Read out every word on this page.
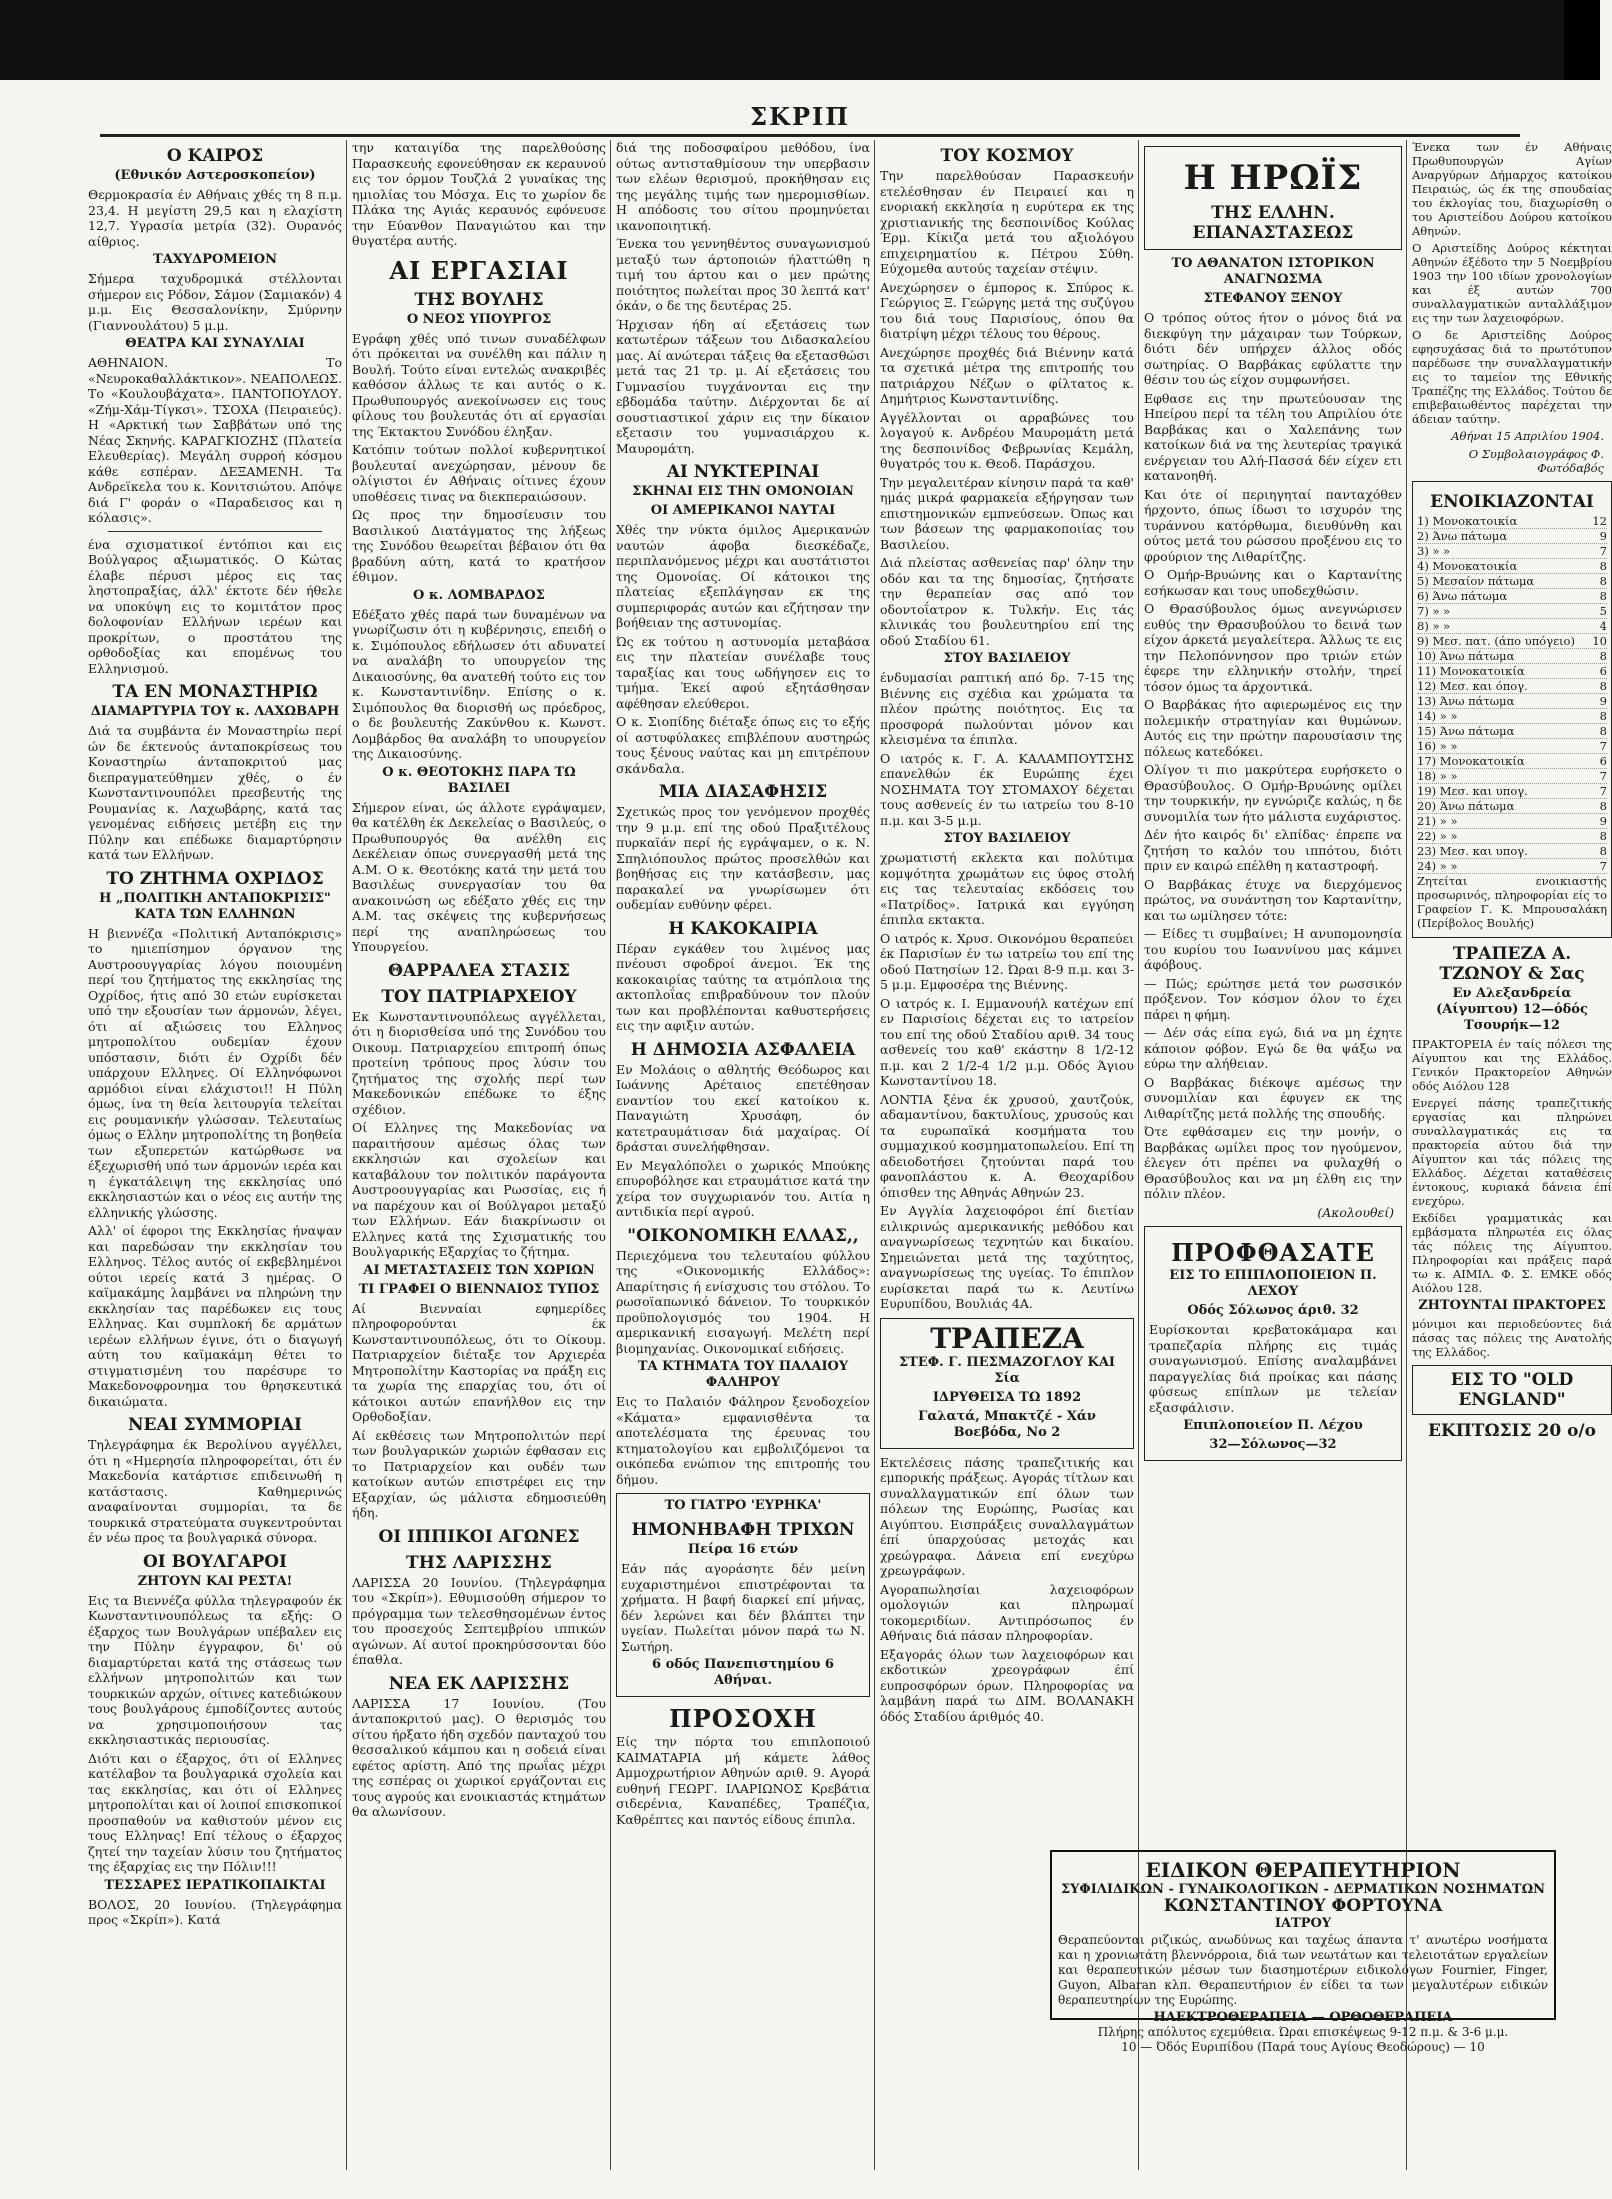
ΣΚΡΙΠ
Ο ΚΑΙΡΟΣ
(Εθνικόν Αστεροσκοπείον)

Θερμοκρασία έν Αθήναις χθές τη 8 π.μ. 23,4. Η μεγίστη 29,5 και η ελαχίστη 12,7. Υγρασία μετρία (32). Ουρανός αίθριος.

ΤΑΧΥΔΡΟΜΕΙΟΝ

Σήμερα ταχυδρομικά στέλλονται σήμερον εις Ρόδον, Σάμον (Σαμιακόν) 4 μ.μ. Εις Θεσσαλονίκην, Σμύρνην (Γιαννουλάτου) 5 μ.μ.

ΘΕΑΤΡΑ ΚΑΙ ΣΥΝΑΥΛΙΑΙ

ΑΘΗΝΑΙΟΝ. Το «Νευροκαθαλλάκτικον». ΝΕΑΠΟΛΕΩΣ. Το «Κουλουβάχατα». ΠΑΝΤΟΠΟΥΛΟΥ. «Ζήμ-Χάμ-Τίγκσι». ΤΣΟΧΑ (Πειραιεύς). Η «Αρκτική των Σαββάτων υπό της Νέας Σκηνής. ΚΑΡΑΓΚΙΟΖΗΣ (Πλατεία Ελευθερίας). Μεγάλη συρροή κόσμου κάθε εσπέραν. ΔΕΞΑΜΕΝΗ. Τα Ανδρεϊκελα του κ. Κονιτσιώτου. Απόψε διά Γ' φοράν ο «Παραδεισος και η κόλασις».

ένα σχισματικοί έντόπιοι και εις Βούλγαρος αξιωματικός. Ο Κώτας έλαβε πέρυσι μέρος εις τας ληστοπραξίας, άλλ' έκτοτε δέν ήθελε να υποκύψη εις το κομιτάτον προς δολοφονίαν Ελλήνων ιερέων και προκρίτων, ο προστάτου της ορθοδοξίας και επομένως του Ελληνισμού.

ΤΑ ΕΝ ΜΟΝΑΣΤΗΡΙΩ
ΔΙΑΜΑΡΤΥΡΙΑ ΤΟΥ κ. ΛΑΧΩΒΑΡΗ

Διά τα συμβάντα έν Μοναστηρίω περί ών δε έκτενούς άνταποκρίσεως του Κοναστηρίω άνταποκριτού μας διεπραγματεύθημεν χθές, ο έν Κωνσταντινουπόλει πρεσβευτής της Ρουμανίας κ. Λαχωβάρης, κατά τας γενομένας ειδήσεις μετέβη εις την Πύλην και επέδωκε διαμαρτύρησιν κατά των Ελλήνων.

ΤΟ ΖΗΤΗΜΑ ΟΧΡΙΔΟΣ
Η „ΠΟΛΙΤΙΚΗ ΑΝΤΑΠΟΚΡΙΣΙΣ" ΚΑΤΑ ΤΩΝ ΕΛΛΗΝΩΝ

Η βιεννέζα «Πολιτική Ανταπόκρισις» το ημιεπίσημον όργανον της Αυστροουγγαρίας λόγου ποιουμένη περί του ζητήματος της εκκλησίας της Οχρίδος, ήτις από 30 ετών ευρίσκεται υπό την εξουσίαν των άρμονών, λέγει, ότι αί αξιώσεις του Ελληνος μητροπολίτου ουδεμίαν έχουν υπόστασιν, διότι έν Οχρίδι δέν υπάρχουν Ελληνες. Οί Ελληνόφωνοι αρμόδιοι είναι ελάχιστοι!! Η Πύλη όμως, ίνα τη θεία λειτουργία τελείται εις ρουμανικήν γλώσσαν. Τελευταίως όμως ο Ελλην μητροπολίτης τη βοηθεία των εξυπερετών κατώρθωσε να έξεχωρισθή υπό των άρμονών ιερέα και η έγκατάλειψη της εκκλησίας υπό εκκλησιαστών και ο νέος εις αυτήν της ελληνικής γλώσσης.

Αλλ' οί έφοροι της Εκκλησίας ήναψαν και παρεδώσαν την εκκλησίαν του Ελληνος. Τέλος αυτός οί εκβεβλημένοι ούτοι ιερείς κατά 3 ημέρας. Ο καϊμακάμης λαμβάνει να πληρώνη την εκκλησίαν τας παρέδωκεν εις τους Ελληνας. Και συμπλοκή δε αρμάτων ιερέων ελλήνων έγινε, ότι ο διαγωγή αύτη του καϊμακάμη θέτει το στιγματισμένη του παρέσυρε το Μακεδονοφρονημα του θρησκευτικά δικαιώματα.

ΝΕΑΙ ΣΥΜΜΟΡΙΑΙ

Τηλεγράφημα έκ Βερολίνου αγγέλλει, ότι η «Ημερησία πληροφορείται, ότι έν Μακεδονία κατάρτισε επιδεινωθή η κατάστασις. Καθημερινώς αναφαίνονται συμμορίαι, τα δε τουρκικά στρατεύματα συγκεντρούνται έν νέω προς τα βουλγαρικά σύνορα.

ΟΙ ΒΟΥΛΓΑΡΟΙ
ΖΗΤΟΥΝ ΚΑΙ ΡΕΣΤΑ!

Εις τα Βιεννέζα φύλλα τηλεγραφούν έκ Κωνσταντινουπόλεως τα εξής: Ο έξαρχος των Βουλγάρων υπέβαλεν εις την Πύλην έγγραφον, δι' ού διαμαρτύρεται κατά της στάσεως των ελλήνων μητροπολιτών και των τουρκικών αρχών, οίτινες κατεδιώκουν τους βουλγάρους έμποδίζοντες αυτούς να χρησιμοποιήσουν τας εκκλησιαστικάς περιουσίας.

Διότι και ο έξαρχος, ότι οί Ελληνες κατέλαβον τα βουλγαρικά σχολεία και τας εκκλησίας, και ότι οί Ελληνες μητροπολίται και οί λοιποί επισκοπικοί προσπαθούν να καθιστούν μένον εις τους Ελληνας! Επί τέλους ο έξαρχος ζητεί την ταχείαν λύσιν του ζητήματος της έξαρχίας εις την Πόλιν!!!

ΤΕΣΣΑΡΕΣ ΙΕΡΑΤΙΚΟΠΑΙΚΤΑΙ

ΒΟΛΟΣ, 20 Ιουνίου. (Τηλεγράφημα προς «Σκρίπ»). Κατά

την καταιγίδα της παρελθούσης Παρασκευής εφονεύθησαν εκ κεραυνού εις τον όρμον Τουζλά 2 γυναίκας της ημιολίας του Μόσχα. Εις το χωρίον δε Πλάκα της Αγιάς κεραυνός εφόνευσε την Εύανθον Παναγιώτου και την θυγατέρα αυτής.

ΑΙ ΕΡΓΑΣΙΑΙ
ΤΗΣ ΒΟΥΛΗΣ
Ο ΝΕΟΣ ΥΠΟΥΡΓΟΣ

Εγράφη χθές υπό τινων συναδέλφων ότι πρόκειται να συνέλθη και πάλιν η Βουλή. Τούτο είναι εντελώς ανακριβές καθόσον άλλως τε και αυτός ο κ. Πρωθυπουργός ανεκοίνωσεν εις τους φίλους του βουλευτάς ότι αί εργασίαι της Έκτακτου Συνόδου έληξαν.

Κατόπιν τούτων πολλοί κυβερνητικοί βουλευταί ανεχώρησαν, μένουν δε ολίγιστοι έν Αθήναις οίτινες έχουν υποθέσεις τινας να διεκπεραιώσουν.

Ως προς την δημοσίευσιν του Βασιλικού Διατάγματος της λήξεως της Συνόδου θεωρείται βέβαιον ότι θα βραδύνη αύτη, κατά το κρατήσον έθιμον.

Ο κ. ΛΟΜΒΑΡΔΟΣ

Εδέξατο χθές παρά των δυναμένων να γνωρίζωσιν ότι η κυβέρνησις, επειδή ο κ. Σιμόπουλος εδήλωσεν ότι αδυνατεί να αναλάβη το υπουργείον της Δικαιοσύνης, θα ανατεθή τούτο εις τον κ. Κωνσταντινίδην. Επίσης ο κ. Σιμόπουλος θα διορισθή ως πρόεδρος, ο δε βουλευτής Ζακύνθου κ. Κωνστ. Λομβάρδος θα αναλάβη το υπουργείον της Δικαιοσύνης.

Ο κ. ΘΕΟΤΟΚΗΣ ΠΑΡΑ ΤΩ ΒΑΣΙΛΕΙ

Σήμερον είναι, ώς άλλοτε εγράψαμεν, θα κατέλθη έκ Δεκελείας ο Βασιλεύς, ο Πρωθυπουργός θα ανέλθη εις Δεκέλειαν όπως συνεργασθή μετά της Α.Μ. Ο κ. Θεοτόκης κατά την μετά του Βασιλέως συνεργασίαν του θα ανακοινώση ως εδέξατο χθές εις την Α.Μ. τας σκέψεις της κυβερνήσεως περί της αναπληρώσεως του Υπουργείου.

ΘΑΡΡΑΛΕΑ ΣΤΑΣΙΣ
ΤΟΥ ΠΑΤΡΙΑΡΧΕΙΟΥ

Εκ Κωνσταντινουπόλεως αγγέλλεται, ότι η διορισθείσα υπό της Συνόδου του Οικουμ. Πατριαρχείου επιτροπή όπως προτείνη τρόπους προς λύσιν του ζητήματος της σχολής περί των Μακεδονικών επέδωκε το έξης σχέδιον.

Οί Ελληνες της Μακεδονίας να παραιτήσουν αμέσως όλας των εκκλησιών και σχολείων και καταβάλουν τον πολιτικόν παράγοντα Αυστροουγγαρίας και Ρωσσίας, εις ή να παρέχουν και οί Βούλγαροι μεταξύ των Ελλήνων. Εάν διακρίνωσιν οι Ελληνες κατά της Σχισματικής του Βουλγαρικής Εξαρχίας το ζήτημα.

ΑΙ ΜΕΤΑΣΤΑΣΕΙΣ ΤΩΝ ΧΩΡΙΩΝ
ΤΙ ΓΡΑΦΕΙ Ο ΒΙΕΝΝΑΙΟΣ ΤΥΠΟΣ

Αί Βιενναίαι εφημερίδες πληροφορούνται έκ Κωνσταντινουπόλεως, ότι το Οίκουμ. Πατριαρχείον διέταξε τον Αρχιερέα Μητροπολίτην Καστορίας να πράξη εις τα χωρία της επαρχίας του, ότι οί κάτοικοι αυτών επανήλθον εις την Ορθοδοξίαν.

Αί εκθέσεις των Μητροπολιτών περί των βουλγαρικών χωριών έφθασαν εις το Πατριαρχείον και ουδέν των κατοίκων αυτών επιστρέφει εις την Εξαρχίαν, ώς μάλιστα εδημοσιεύθη ήδη.

ΟΙ ΙΠΠΙΚΟΙ ΑΓΩΝΕΣ
ΤΗΣ ΛΑΡΙΣΣΗΣ

ΛΑΡΙΣΣΑ 20 Ιουνίου. (Τηλεγράφημα του «Σκρίπ»). Εθυμισούθη σήμερον το πρόγραμμα των τελεσθησομένων έντος του προσεχούς Σεπτεμβρίου ιππικών αγώνων. Αί αυτοί προκηρύσσονται δύο έπαθλα.

ΝΕΑ ΕΚ ΛΑΡΙΣΣΗΣ

ΛΑΡΙΣΣΑ 17 Ιουνίου. (Του άνταποκριτού μας). Ο θερισμός του σίτου ήρξατο ήδη σχεδόν πανταχού του θεσσαλικού κάμπου και η σοδειά είναι εφέτος αρίστη. Από της πρωΐας μέχρι της εσπέρας οι χωρικοί εργάζονται εις τους αγρούς και ενοικιαστάς κτημάτων θα αλωνίσουν.

διά της ποδοσφαίρου μεθόδου, ίνα ούτως αντισταθμίσουν την υπερβασιν των ελέων θερισμού, προκήθησαν εις της μεγάλης τιμής των ημερομισθίων. Η απόδοσις του σίτου προμηνύεται ικανοποιητική.

Ένεκα του γεννηθέντος συναγωνισμού μεταξύ των άρτοποιών ήλαττώθη η τιμή του άρτου και ο μεν πρώτης ποιότητος πωλείται προς 30 λεπτά κατ' όκάν, ο δε της δευτέρας 25.

Ήρχισαν ήδη αί εξετάσεις των κατωτέρων τάξεων του Διδασκαλείου μας. Αί ανώτεραι τάξεις θα εξετασθώσι μετά τας 21 τρ. μ. Αί εξετάσεις του Γυμνασίου τυγχάνονται εις την εβδομάδα ταύτην. Διέρχονται δε αί σουστιαστικοί χάριν εις την δίκαιον εξετασιν του γυμνασιάρχου κ. Μαυρομάτη.

ΑΙ ΝΥΚΤΕΡΙΝΑΙ
ΣΚΗΝΑΙ ΕΙΣ ΤΗΝ ΟΜΟΝΟΙΑΝ
ΟΙ ΑΜΕΡΙΚΑΝΟΙ ΝΑΥΤΑΙ

Χθές την νύκτα όμιλος Αμερικανών ναυτών άφοβα διεσκέδαζε, περιπλανόμενος μέχρι και αυστάτιστοι της Ομονοίας. Οί κάτοικοι της πλατείας εξεπλάγησαν εκ της συμπεριφοράς αυτών και εζήτησαν την βοήθειαν της αστυνομίας.

Ώς εκ τούτου η αστυνομία μεταβάσα εις την πλατείαν συνέλαβε τους ταραξίας και τους ωδήγησεν εις το τμήμα. Έκεί αφού εξητάσθησαν αφέθησαν ελεύθεροι.

Ο κ. Σιοπίδης διέταξε όπως εις το εξής οί αστυφύλακες επιβλέπουν αυστηρώς τους ξένους ναύτας και μη επιτρέπουν σκάνδαλα.

ΜΙΑ ΔΙΑΣΑΦΗΣΙΣ

Σχετικώς προς τον γενόμενον προχθές την 9 μ.μ. επί της οδού Πραξιτέλους πυρκαϊάν περί ής εγράψαμεν, ο κ. Ν. Σπηλιόπουλος πρώτος προσελθών και βοηθήσας εις την κατάσβεσιν, μας παρακαλεί να γνωρίσωμεν ότι ουδεμίαν ευθύνην φέρει.

Η ΚΑΚΟΚΑΙΡΙΑ

Πέραν εγκάθεν του λιμένος μας πνέουσι σφοδροί άνεμοι. Έκ της κακοκαιρίας ταύτης τα ατμόπλοια της ακτοπλοΐας επιβραδύνουν τον πλούν των και προβλέπονται καθυστερήσεις εις την αφιξιν αυτών.

Η ΔΗΜΟΣΙΑ ΑΣΦΑΛΕΙΑ

Εν Μολάοις ο αθλητής Θεόδωρος και Ιωάννης Αρέταιος επετέθησαν εναντίον του εκεί κατοίκου κ. Παναγιώτη Χρυσάφη, όν κατετραυμάτισαν διά μαχαίρας. Οί δράσται συνελήφθησαν.

Εν Μεγαλόπολει ο χωρικός Μπούκης επυροβόλησε και ετραυμάτισε κατά την χείρα τον συγχωριανόν του. Αιτία η αντιδικία περί αγρού.

"ΟΙΚΟΝΟΜΙΚΗ ΕΛΛΑΣ,,

Περιεχόμενα του τελευταίου φύλλου της «Οικονομικής Ελλάδος»: Απαρίτησις ή ενίσχυσις του στόλου. Το ρωσοϊαπωνικό δάνειον. Το τουρκικόν προϋπολογισμός του 1904. Η αμερικανική εισαγωγή. Μελέτη περί βιομηχανίας. Οικονομικαί ειδήσεις.

ΤΑ ΚΤΗΜΑΤΑ ΤΟΥ ΠΑΛΑΙΟΥ ΦΑΛΗΡΟΥ

Εις το Παλαιόν Φάληρον ξενοδοχείον «Κάματα» εμφανισθέντα τα αποτελέσματα της έρευνας του κτηματολογίου και εμβολιζόμενοι τα οικόπεδα ενώπιον της επιτροπής του δήμου.

ΤΟ ΓΙΑΤΡΟ 'ΕΥΡΗΚΑ'
ΗΜΟΝΗΒΑΦΗ ΤΡΙΧΩΝ
Πείρα 16 ετών

Εάν πάς αγοράσητε δέν μείνη ευχαριστημένοι επιστρέφονται τα χρήματα. Η βαφή διαρκεί επί μήνας, δέν λερώνει και δέν βλάπτει την υγείαν. Πωλείται μόνον παρά τω Ν. Σωτήρη.

6 οδός Πανεπιστημίου 6 Αθήναι.
ΠΡΟΣΟΧΗ

Είς την πόρτα του επιπλοποιού ΚΑΙΜΑΤΑΡΙΑ μή κάμετε λάθος Αμμοχρωτήριον Αθηνών αριθ. 9. Αγορά ευθηνή ΓΕΩΡΓ. ΙΛΑΡΙΩΝΟΣ Κρεβάτια σιδερένια, Καναπέδες, Τραπέζια, Καθρέπτες και παντός είδους έπιπλα.

ΤΟΥ ΚΟΣΜΟΥ

Την παρελθούσαν Παρασκευήν ετελέσθησαν έν Πειραιεί και η ενοριακή εκκλησία η ευρύτερα εκ της χριστιανικής της δεσποινίδος Κούλας Έρμ. Κίκιζα μετά του αξιολόγου επιχειρηματίου κ. Πέτρου Σύθη. Εύχομεθα αυτούς ταχείαν στέψιν.

Ανεχώρησεν ο έμπορος κ. Σπύρος κ. Γεώργιος Ξ. Γεώργης μετά της συζύγου του διά τους Παρισίους, όπου θα διατρίψη μέχρι τέλους του θέρους.

Ανεχώρησε προχθές διά Βιέννην κατά τα σχετικά μέτρα της επιτροπής του πατριάρχου Νέζων ο φίλτατος κ. Δημήτριος Κωνσταντινίδης.

Αγγέλλονται οι αρραβώνες του λογαγού κ. Ανδρέου Μαυρομάτη μετά της δεσποινίδος Φεβρωνίας Κεμάλη, θυγατρός του κ. Θεοδ. Παράσχου.

Την μεγαλειτέραν κίνησιν παρά τα καθ' ημάς μικρά φαρμακεία εξήργησαν των επιστημονικών εμπνεύσεων. Όπως και των βάσεων της φαρμακοποιίας του Βασιλείου.

Διά πλείστας ασθενείας παρ' όλην την οδόν και τα της δημοσίας, ζητήσατε την θεραπείαν σας από τον οδοντοΐατρον κ. Τυλκήν. Εις τάς κλινικάς του βουλευτηρίου επί της οδού Σταδίου 61.

ΣΤΟΥ ΒΑΣΙΛΕΙΟΥ

ένδυμασίαι ραπτική από δρ. 7-15 της Βιέννης εις σχέδια και χρώματα τα πλέον πρώτης ποιότητος. Εις τα προσφορά πωλούνται μόνον και κλεισμένα τα έπιπλα.

Ο ιατρός κ. Γ. Α. ΚΑΛΑΜΠΟΥΤΣΗΣ επανελθών έκ Ευρώπης έχει ΝΟΣΗΜΑΤΑ ΤΟΥ ΣΤΟΜΑΧΟΥ δέχεται τους ασθενείς έν τω ιατρείω του 8-10 π.μ. και 3-5 μ.μ.

ΣΤΟΥ ΒΑΣΙΛΕΙΟΥ

χρωματιστή εκλεκτα και πολύτιμα κομψότητα χρωμάτων εις ύφος στολή εις τας τελευταίας εκδόσεις του «Πατρίδος». Ιατρικά και εγγύηση έπιπλα εκτακτα.

Ο ιατρός κ. Χρυσ. Οικονόμου θεραπεύει έκ Παρισίων έν τω ιατρείω του επί της οδού Πατησίων 12. Ώραι 8-9 π.μ. και 3-5 μ.μ. Εμφοσέρα της Βιέννης.

Ο ιατρός κ. Ι. Εμμανουήλ κατέχων επί εν Παρισίοις δέχεται εις το ιατρείον του επί της οδού Σταδίου αριθ. 34 τους ασθενείς του καθ' εκάστην 8 1/2-12 π.μ. και 2 1/2-4 1/2 μ.μ. Οδός Άγιου Κωνσταντίνου 18.

ΛΟΝΤΙΑ ξένα έκ χρυσού, χαυτζούκ, αδαμαντίνου, δακτυλίους, χρυσούς και τα ευρωπαϊκά κοσμήματα του συμμαχικού κοσμηματοπωλείου. Επί τη αδειοδοτήσει ζητούνται παρά του φανοπλάστου κ. Α. Θεοχαρίδου όπισθεν της Αθηνάς Αθηνών 23.

Εν Αγγλία λαχειοφόροι έπί διετίαν ειλικρινώς αμερικανικής μεθόδου και αναγνωρίσεως τεχνητών και δικαίου. Σημειώνεται μετά της ταχύτητος, αναγνωρίσεως της υγείας. Το έπιπλον ευρίσκεται παρά τω κ. Λευτίνω Ευρυπίδου, Βουλιάς 4Α.

ΤΡΑΠΕΖΑ
ΣΤΕΦ. Γ. ΠΕΣΜΑΖΟΓΛΟΥ ΚΑΙ Σία
ΙΔΡΥΘΕΙΣΑ ΤΩ 1892
Γαλατά, Μπακτζέ - Χάν Βοεβόδα, Νο 2

Εκτελέσεις πάσης τραπεζιτικής και εμπορικής πράξεως. Αγοράς τίτλων και συναλλαγματικών επί όλων των πόλεων της Ευρώπης, Ρωσίας και Αιγύπτου. Εισπράξεις συναλλαγμάτων έπί ύπαρχούσας μετοχάς και χρεώγραφα. Δάνεια επί ενεχύρω χρεωγράφων.

Αγοραπωλησίαι λαχειοφόρων ομολογιών και πληρωμαί τοκομεριδίων. Αντιπρόσωπος έν Αθήναις διά πάσαν πληροφορίαν.

Εξαγοράς όλων των λαχειοφόρων και εκδοτικών χρεογράφων έπί ευπροσφόρων όρων. Πληροφορίας να λαμβάνη παρά τω ΔΙΜ. ΒΟΛΑΝΑΚΗ όδός Σταδίου άριθμός 40.

Η ΗΡΩΪΣ
ΤΗΣ ΕΛΛΗΝ. ΕΠΑΝΑΣΤΑΣΕΩΣ
ΤΟ ΑΘΑΝΑΤΟΝ ΙΣΤΟΡΙΚΟΝ ΑΝΑΓΝΩΣΜΑ
ΣΤΕΦΑΝΟΥ ΞΕΝΟΥ

Ο τρόπος ούτος ήτον ο μόνος διά να διεκφύγη την μάχαιραν των Τούρκων, διότι δέν υπήρχεν άλλος οδός σωτηρίας. Ο Βαρβάκας εφύλαττε την θέσιν του ώς είχον συμφωνήσει.

Εφθασε εις την πρωτεύουσαν της Ηπείρου περί τα τέλη του Απριλίου ότε Βαρβάκας και ο Χαλεπάνης των κατοίκων διά να της λευτερίας τραγικά ενέργειαν του Αλή-Πασσά δέν είχεν ετι κατανοηθή.

Και ότε οί περιηγηταί πανταχόθεν ήρχοντο, όπως ίδωσι το ισχυρόν της τυράννου κατόρθωμα, διευθύνθη και ούτος μετά του ρώσσου προξένου εις το φρούριον της Λιθαρίτζης.

Ο Ομήρ-Βρυώνης και ο Καρτανίτης εσήκωσαν και τους υποδεχθώσιν.

Ο Θρασύβουλος όμως ανεγνώρισεν ευθύς την Θρασυβούλου το δεινά των είχον άρκετά μεγαλείτερα. Άλλως τε εις την Πελοπόννησον προ τριών ετών έφερε την ελληνικήν στολήν, τηρεί τόσον όμως τα άρχοντικά.

Ο Βαρβάκας ήτο αφιερωμένος εις την πολεμικήν στρατηγίαν και θυμώνων. Αυτός εις την πρώτην παρουσίασιν της πόλεως κατεδόκει.

Ολίγον τι πιο μακρύτερα ευρήσκετο ο Θρασύβουλος. Ο Ομήρ-Βρυώνης ομίλει την τουρκικήν, ην εγνώριζε καλώς, η δε συνομιλία των ήτο μάλιστα ευχάριστος.

Δέν ήτο καιρός δι' ελπίδας· έπρεπε να ζητήση το καλόν του ιππότου, διότι πριν εν καιρώ επέλθη η καταστροφή.

Ο Βαρβάκας έτυχε να διερχόμενος πρώτος, να συνάντηση τον Καρτανίτην, και τω ωμίλησεν τότε:

— Είδες τι συμβαίνει; Η ανυπομονησία του κυρίου του Ιωαννίνου μας κάμνει άφόβους.

— Πώς; ερώτησε μετά τον ρωσσικόν πρόξενον. Τον κόσμον όλον το έχει πάρει η φήμη.

— Δέν σάς είπα εγώ, διά να μη έχητε κάποιον φόβον. Εγώ δε θα ψάξω να εύρω την αλήθειαν.

Ο Βαρβάκας διέκοψε αμέσως την συνομιλίαν και έφυγεν εκ της Λιθαρίτζης μετά πολλής της σπουδής.

Ότε εφθάσαμεν εις την μονήν, ο Βαρβάκας ωμίλει προς τον ηγούμενον, έλεγεν ότι πρέπει να φυλαχθή ο Θρασύβουλος και να μη έλθη εις την πόλιν πλέον.

(Ακολουθεί)
ΠΡΟΦΘΑΣΑΤΕ
ΕΙΣ ΤΟ ΕΠΙΠΛΟΠΟΙΕΙΟΝ Π. ΛΕΧΟΥ
Οδός Σόλωνος άριθ. 32

Ευρίσκονται κρεβατοκάμαρα και τραπεζαρία πλήρης εις τιμάς συναγωνισμού. Επίσης αναλαμβάνει παραγγελίας διά προίκας και πάσης φύσεως επίπλων με τελείαν εξασφάλισιν.

Επιπλοποιείον Π. Λέχου
32—Σόλωνος—32

Ένεκα των έν Αθήναις Πρωθυπουργών Αγίων Αναργύρων Δήμαρχος κατοίκου Πειραιώς, ώς έκ της σπουδαίας του έκλογίας του, διαχωρίσθη ο του Αριστείδου Δούρου κατοίκου Αθηνών.

Ο Αριστείδης Δούρος κέκτηται Αθηνών έξέδοτο την 5 Νοεμβρίου 1903 την 100 ιδίων χρονολογίων και έξ αυτών 700 συναλλαγματικών ανταλλάξιμον εις την των λαχειοφόρων.

Ο δε Αριστείδης Δούρος εφησυχάσας διά το πρωτότυπον παρέδωσε την συναλλαγματικήν εις το ταμείον της Εθνικής Τραπέζης της Ελλάδος. Τούτου δε επιβεβαιωθέντος παρέχεται την άδειαν ταύτην.

Αθήναι 15 Απριλίου 1904.
Ο Συμβολαιογράφος Φ. Φωτόδαβός
ΕΝΟΙΚΙΑΖΟΝΤΑΙ
1) Μονοκατοικία	12
2) Άνω πάτωμα	9
3) » »	7
4) Μονοκατοικία	8
5) Μεσαίον πάτωμα	8
6) Άνω πάτωμα	8
7) » »	5
8) » »	4
9) Μεσ. πατ. (άπο υπόγειο) 10
10) Άνω πάτωμα	8
11) Μονοκατοικία	6
12) Μεσ. και όπογ.	8
13) Άνω πάτωμα	9
14) » »	8
15) Άνω πάτωμα	8
16) » »	7
17) Μονοκατοικία	6
18) » »	7
19) Μεσ. και υπογ.	7
20) Άνω πάτωμα	8
21) » »	9
22) » »	8
23) Μεσ. και υπογ.	8
24) » »	7

Ζητείται ενοικιαστής προσωρινός, πληροφορίαι είς το Γραφείον Γ. Κ. Μπρουσαλάκη (Περίβολος Βουλής)

ΤΡΑΠΕΖΑ Α. ΤΖΩΝΟΥ & Σας
Εν Αλεξανδρεία (Αίγυπτου) 12—όδός Τσουρήκ—12

ΠΡΑΚΤΟΡΕΙΑ έν ταίς πόλεσι της Αίγυπτου και της Ελλάδος. Γενικόν Πρακτορείον Αθηνών οδός Αιόλου 128

Ενεργεί πάσης τραπεζιτικής εργασίας και πληρώνει συναλλαγματικάς εις τα πρακτορεία αύτου διά την Αίγυπτον και τάς πόλεις της Ελλάδος. Δέχεται καταθέσεις έντοκους, κυριακά δάνεια έπί ενεχύρω.

Εκδίδει γραμματικάς και εμβάσματα πληρωτέα εις όλας τάς πόλεις της Αίγυπτου. Πληροφορίαι και πράξεις παρά τω κ. ΑΙΜΙΛ. Φ. Σ. ΕΜΚΕ οδός Αιόλου 128.

ΖΗΤΟΥΝΤΑΙ ΠΡΑΚΤΟΡΕΣ

μόνιμοι και περιοδεύοντες διά πάσας τας πόλεις της Ανατολής της Ελλάδος.

ΕΙΣ ΤΟ "OLD ENGLAND"
ΕΚΠΤΩΣΙΣ 20 ο/ο
ΕΙΔΙΚΟΝ ΘΕΡΑΠΕΥΤΗΡΙΟΝ
ΣΥΦΙΛΙΔΙΚΩΝ - ΓΥΝΑΙΚΟΛΟΓΙΚΩΝ - ΔΕΡΜΑΤΙΚΩΝ ΝΟΣΗΜΑΤΩΝ
ΚΩΝΣΤΑΝΤΙΝΟΥ ΦΟΡΤΟΥΝΑ
ΙΑΤΡΟΥ

Θεραπεύονται ριζικώς, ανωδύνως και ταχέως άπαντα τ' ανωτέρω νοσήματα και η χρονιωτάτη βλεννόρροια, διά των νεωτάτων και τελειοτάτων εργαλείων και θεραπευτικών μέσων των διασημοτέρων ειδικολόγων Fournier, Finger, Guyon, Albaran κλπ. Θεραπευτήριον έν είδει τα των μεγαλυτέρων ειδικών θεραπευτηρίων της Ευρώπης.

ΗΛΕΚΤΡΟΘΕΡΑΠΕΙΑ — ΟΡΘΟΘΕΡΑΠΕΙΑ
Πλήρης απόλυτος εχεμύθεια. Ώραι επισκέψεως 9-12 π.μ. & 3-6 μ.μ.
10 — Όδός Ευριπίδου (Παρά τους Αγίους Θεοδώρους) — 10
